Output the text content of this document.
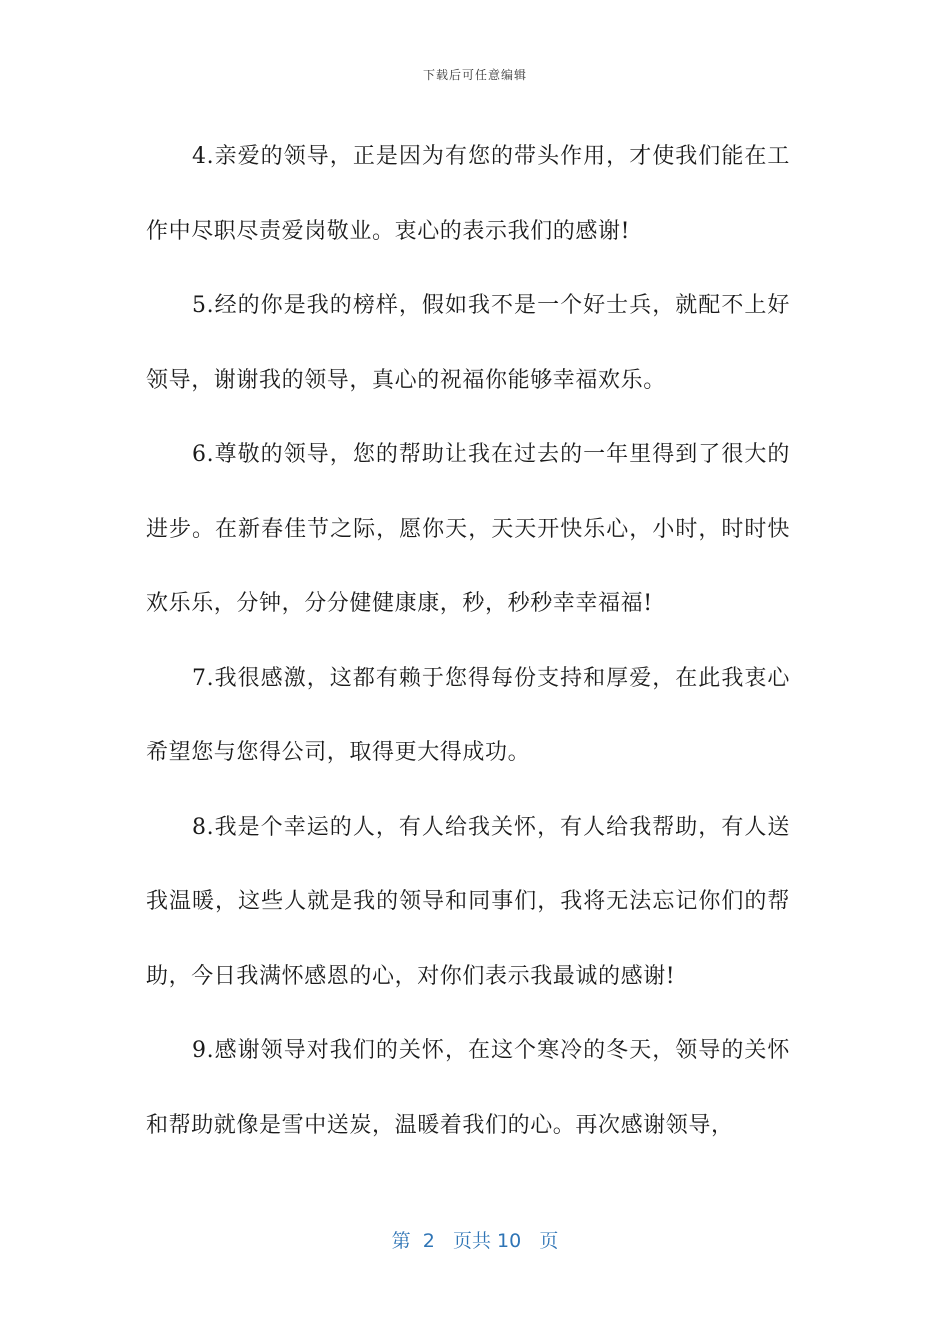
下载后可任意编辑

4.亲爱的领导，正是因为有您的带头作用，才使我们能在工作中尽职尽责爱岗敬业。衷心的表示我们的感谢!

5.经的你是我的榜样，假如我不是一个好士兵，就配不上好领导，谢谢我的领导，真心的祝福你能够幸福欢乐。

6.尊敬的领导，您的帮助让我在过去的一年里得到了很大的进步。在新春佳节之际，愿你天，天天开快乐心，小时，时时快欢乐乐，分钟，分分健健康康，秒，秒秒幸幸福福!

7.我很感激，这都有赖于您得每份支持和厚爱，在此我衷心希望您与您得公司，取得更大得成功。

8.我是个幸运的人，有人给我关怀，有人给我帮助，有人送我温暖，这些人就是我的领导和同事们，我将无法忘记你们的帮助，今日我满怀感恩的心，对你们表示我最诚的感谢!

9.感谢领导对我们的关怀，在这个寒冷的冬天，领导的关怀和帮助就像是雪中送炭，温暖着我们的心。再次感谢领导，

第 2 页共 10 页
